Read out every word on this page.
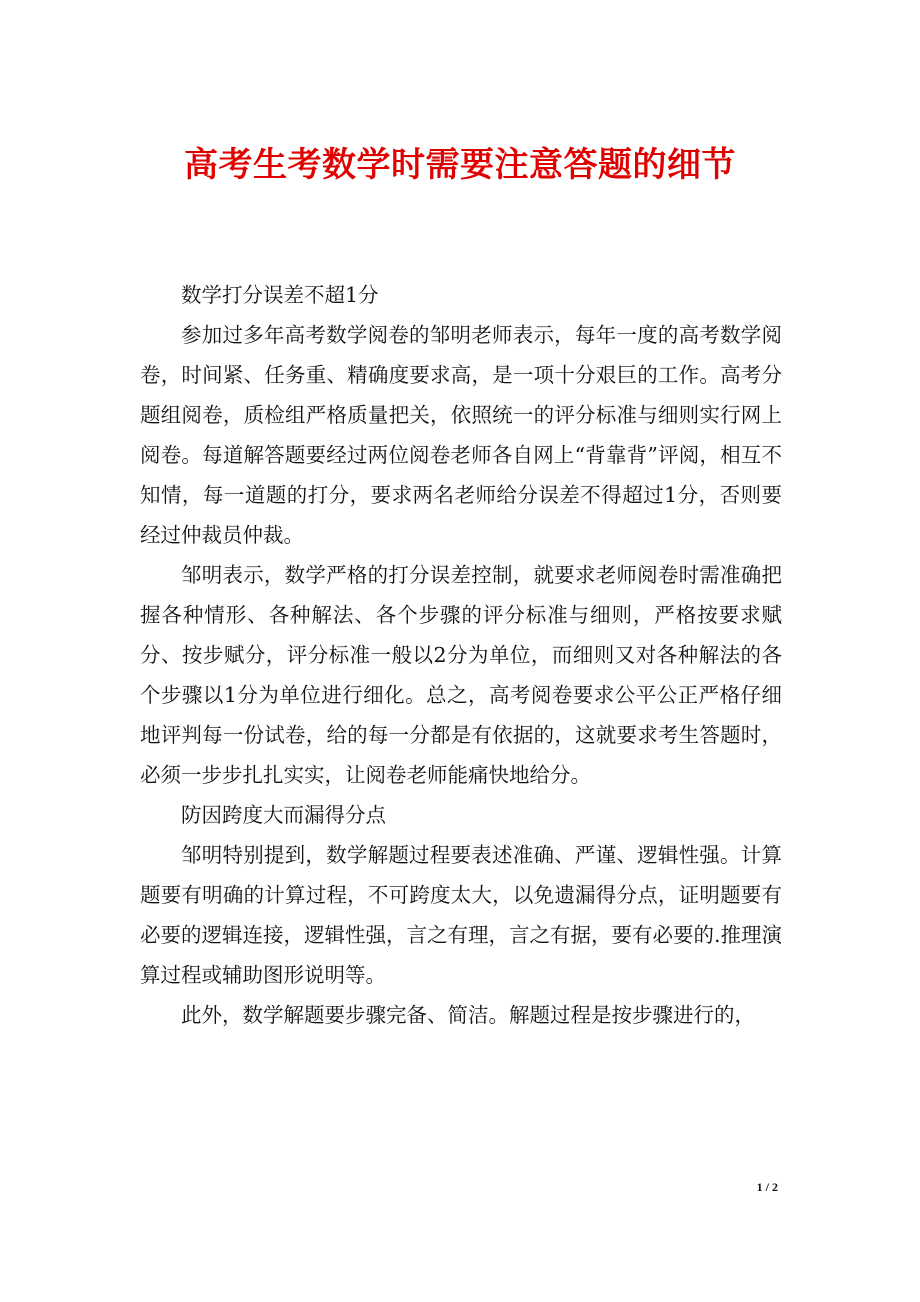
高考生考数学时需要注意答题的细节

数学打分误差不超1分

参加过多年高考数学阅卷的邹明老师表示，每年一度的高考数学阅卷，时间紧、任务重、精确度要求高，是一项十分艰巨的工作。高考分题组阅卷，质检组严格质量把关，依照统一的评分标准与细则实行网上阅卷。每道解答题要经过两位阅卷老师各自网上“背靠背”评阅，相互不知情，每一道题的打分，要求两名老师给分误差不得超过1分，否则要经过仲裁员仲裁。

邹明表示，数学严格的打分误差控制，就要求老师阅卷时需准确把握各种情形、各种解法、各个步骤的评分标准与细则，严格按要求赋分、按步赋分，评分标准一般以2分为单位，而细则又对各种解法的各个步骤以1分为单位进行细化。总之，高考阅卷要求公平公正严格仔细地评判每一份试卷，给的每一分都是有依据的，这就要求考生答题时，必须一步步扎扎实实，让阅卷老师能痛快地给分。

防因跨度大而漏得分点

邹明特别提到，数学解题过程要表述准确、严谨、逻辑性强。计算题要有明确的计算过程，不可跨度太大，以免遗漏得分点，证明题要有必要的逻辑连接，逻辑性强，言之有理，言之有据，要有必要的.推理演算过程或辅助图形说明等。

此外，数学解题要步骤完备、简洁。解题过程是按步骤进行的，

1 / 2
